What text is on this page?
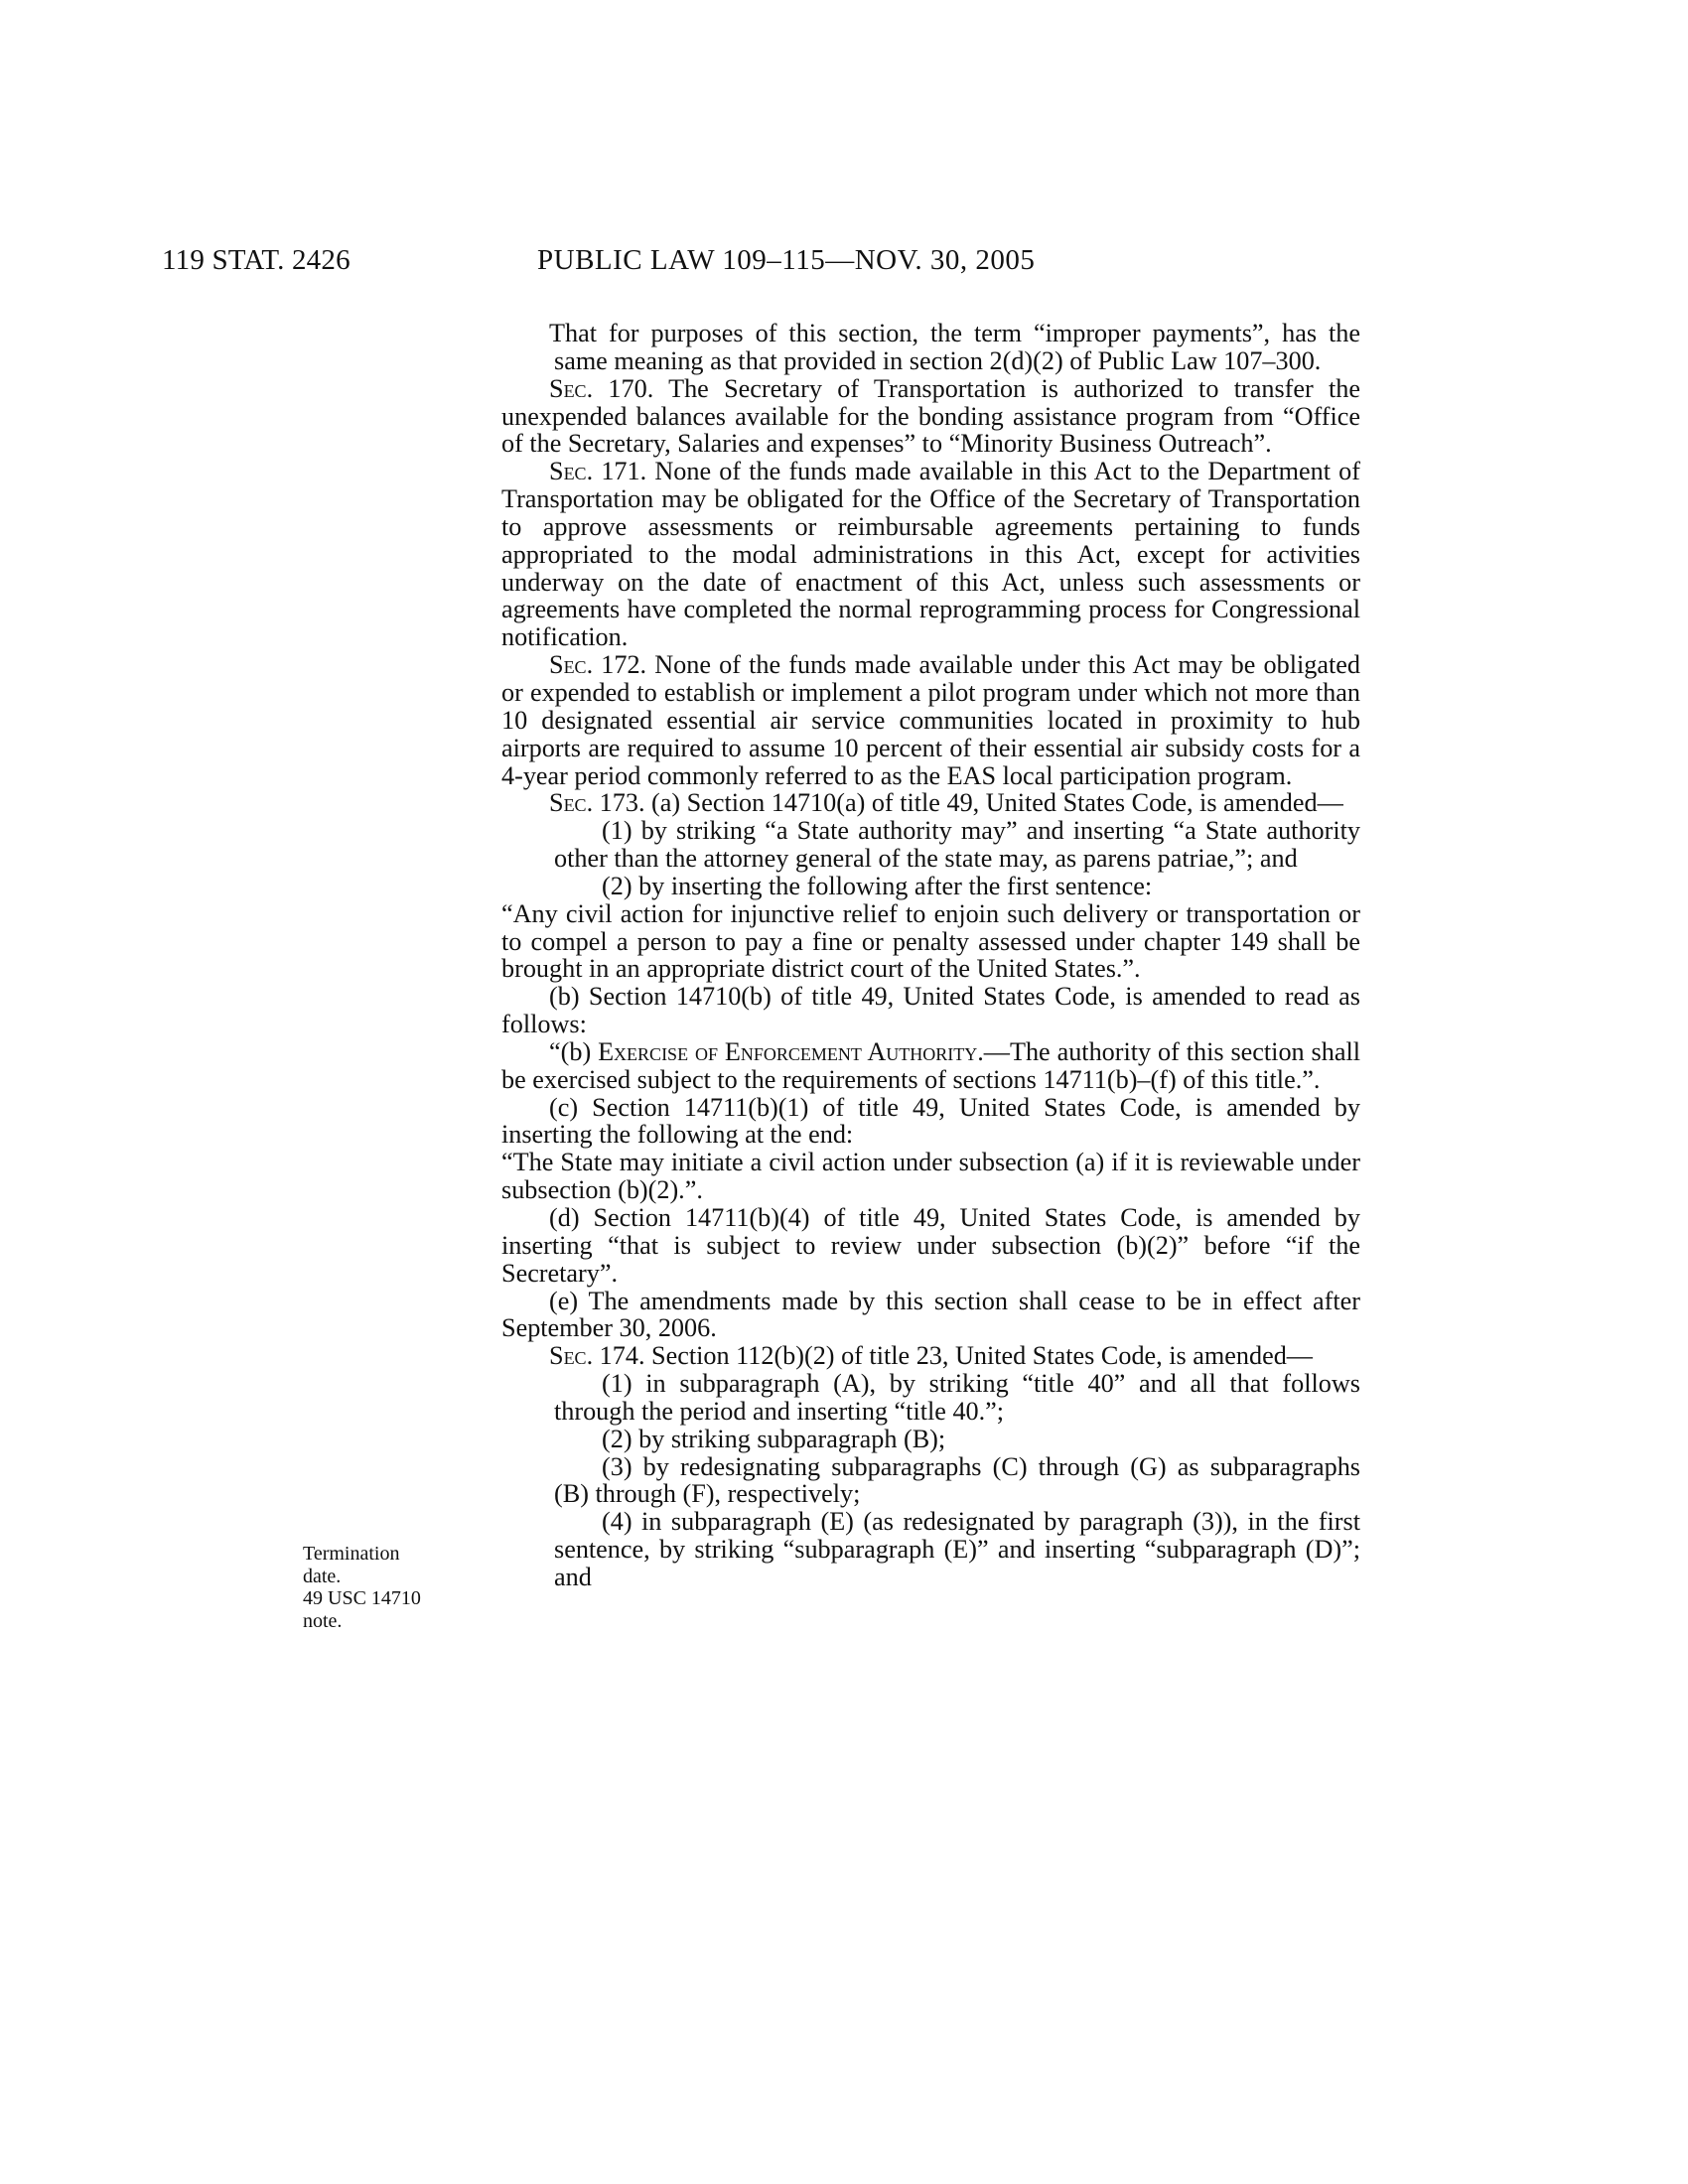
119 STAT. 2426	PUBLIC LAW 109–115—NOV. 30, 2005
Termination
date.
49 USC 14710
note.

That for purposes of this section, the term “improper payments”, has the same meaning as that provided in section 2(d)(2) of Public Law 107–300.

Sec. 170. The Secretary of Transportation is authorized to transfer the unexpended balances available for the bonding assistance program from “Office of the Secretary, Salaries and expenses” to “Minority Business Outreach”.

Sec. 171. None of the funds made available in this Act to the Department of Transportation may be obligated for the Office of the Secretary of Transportation to approve assessments or reimbursable agreements pertaining to funds appropriated to the modal administrations in this Act, except for activities underway on the date of enactment of this Act, unless such assessments or agreements have completed the normal reprogramming process for Congressional notification.

Sec. 172. None of the funds made available under this Act may be obligated or expended to establish or implement a pilot program under which not more than 10 designated essential air service communities located in proximity to hub airports are required to assume 10 percent of their essential air subsidy costs for a 4-year period commonly referred to as the EAS local participation program.

Sec. 173. (a) Section 14710(a) of title 49, United States Code, is amended—

(1) by striking “a State authority may” and inserting “a State authority other than the attorney general of the state may, as parens patriae,”; and

(2) by inserting the following after the first sentence:

“Any civil action for injunctive relief to enjoin such delivery or transportation or to compel a person to pay a fine or penalty assessed under chapter 149 shall be brought in an appropriate district court of the United States.”.

(b) Section 14710(b) of title 49, United States Code, is amended to read as follows:

“(b) Exercise of Enforcement Authority.—The authority of this section shall be exercised subject to the requirements of sections 14711(b)–(f) of this title.”.

(c) Section 14711(b)(1) of title 49, United States Code, is amended by inserting the following at the end:

“The State may initiate a civil action under subsection (a) if it is reviewable under subsection (b)(2).”.

(d) Section 14711(b)(4) of title 49, United States Code, is amended by inserting “that is subject to review under subsection (b)(2)” before “if the Secretary”.

(e) The amendments made by this section shall cease to be in effect after September 30, 2006.

Sec. 174. Section 112(b)(2) of title 23, United States Code, is amended—

(1) in subparagraph (A), by striking “title 40” and all that follows through the period and inserting “title 40.”;

(2) by striking subparagraph (B);

(3) by redesignating subparagraphs (C) through (G) as subparagraphs (B) through (F), respectively;

(4) in subparagraph (E) (as redesignated by paragraph (3)), in the first sentence, by striking “subparagraph (E)” and inserting “subparagraph (D)”; and
